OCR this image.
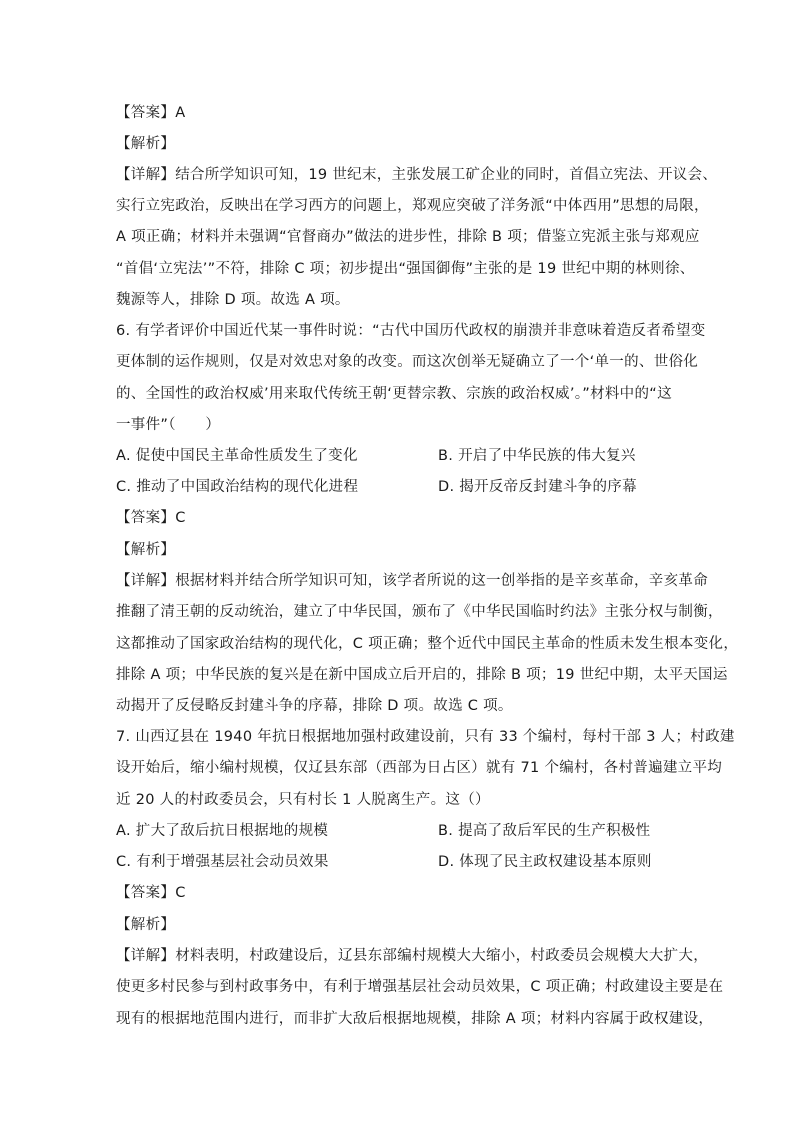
【答案】A
【解析】
【详解】结合所学知识可知，19 世纪末，主张发展工矿企业的同时，首倡立宪法、开议会、
实行立宪政治，反映出在学习西方的问题上，郑观应突破了洋务派“中体西用”思想的局限，
A 项正确；材料并未强调“官督商办”做法的进步性，排除 B 项；借鉴立宪派主张与郑观应
“首倡‘立宪法’”不符，排除 C 项；初步提出“强国御侮”主张的是 19 世纪中期的林则徐、
魏源等人，排除 D 项。故选 A 项。
6. 有学者评价中国近代某一事件时说：“古代中国历代政权的崩溃并非意味着造反者希望变
更体制的运作规则，仅是对效忠对象的改变。而这次创举无疑确立了一个‘单一的、世俗化
的、全国性的政治权威’用来取代传统王朝‘更替宗教、宗族的政治权威’。”材料中的“这
一事件”（　　）
A. 促使中国民主革命性质发生了变化	B. 开启了中华民族的伟大复兴
C. 推动了中国政治结构的现代化进程	D. 揭开反帝反封建斗争的序幕
【答案】C
【解析】
【详解】根据材料并结合所学知识可知，该学者所说的这一创举指的是辛亥革命，辛亥革命
推翻了清王朝的反动统治，建立了中华民国，颁布了《中华民国临时约法》主张分权与制衡，
这都推动了国家政治结构的现代化，C 项正确；整个近代中国民主革命的性质未发生根本变化，
排除 A 项；中华民族的复兴是在新中国成立后开启的，排除 B 项；19 世纪中期，太平天国运
动揭开了反侵略反封建斗争的序幕，排除 D 项。故选 C 项。
7. 山西辽县在 1940 年抗日根据地加强村政建设前，只有 33 个编村，每村干部 3 人；村政建
设开始后，缩小编村规模，仅辽县东部（西部为日占区）就有 71 个编村，各村普遍建立平均
近 20 人的村政委员会，只有村长 1 人脱离生产。这（）
A. 扩大了敌后抗日根据地的规模	B. 提高了敌后军民的生产积极性
C. 有利于增强基层社会动员效果	D. 体现了民主政权建设基本原则
【答案】C
【解析】
【详解】材料表明，村政建设后，辽县东部编村规模大大缩小，村政委员会规模大大扩大，
使更多村民参与到村政事务中，有利于增强基层社会动员效果，C 项正确；村政建设主要是在
现有的根据地范围内进行，而非扩大敌后根据地规模，排除 A 项；材料内容属于政权建设，
